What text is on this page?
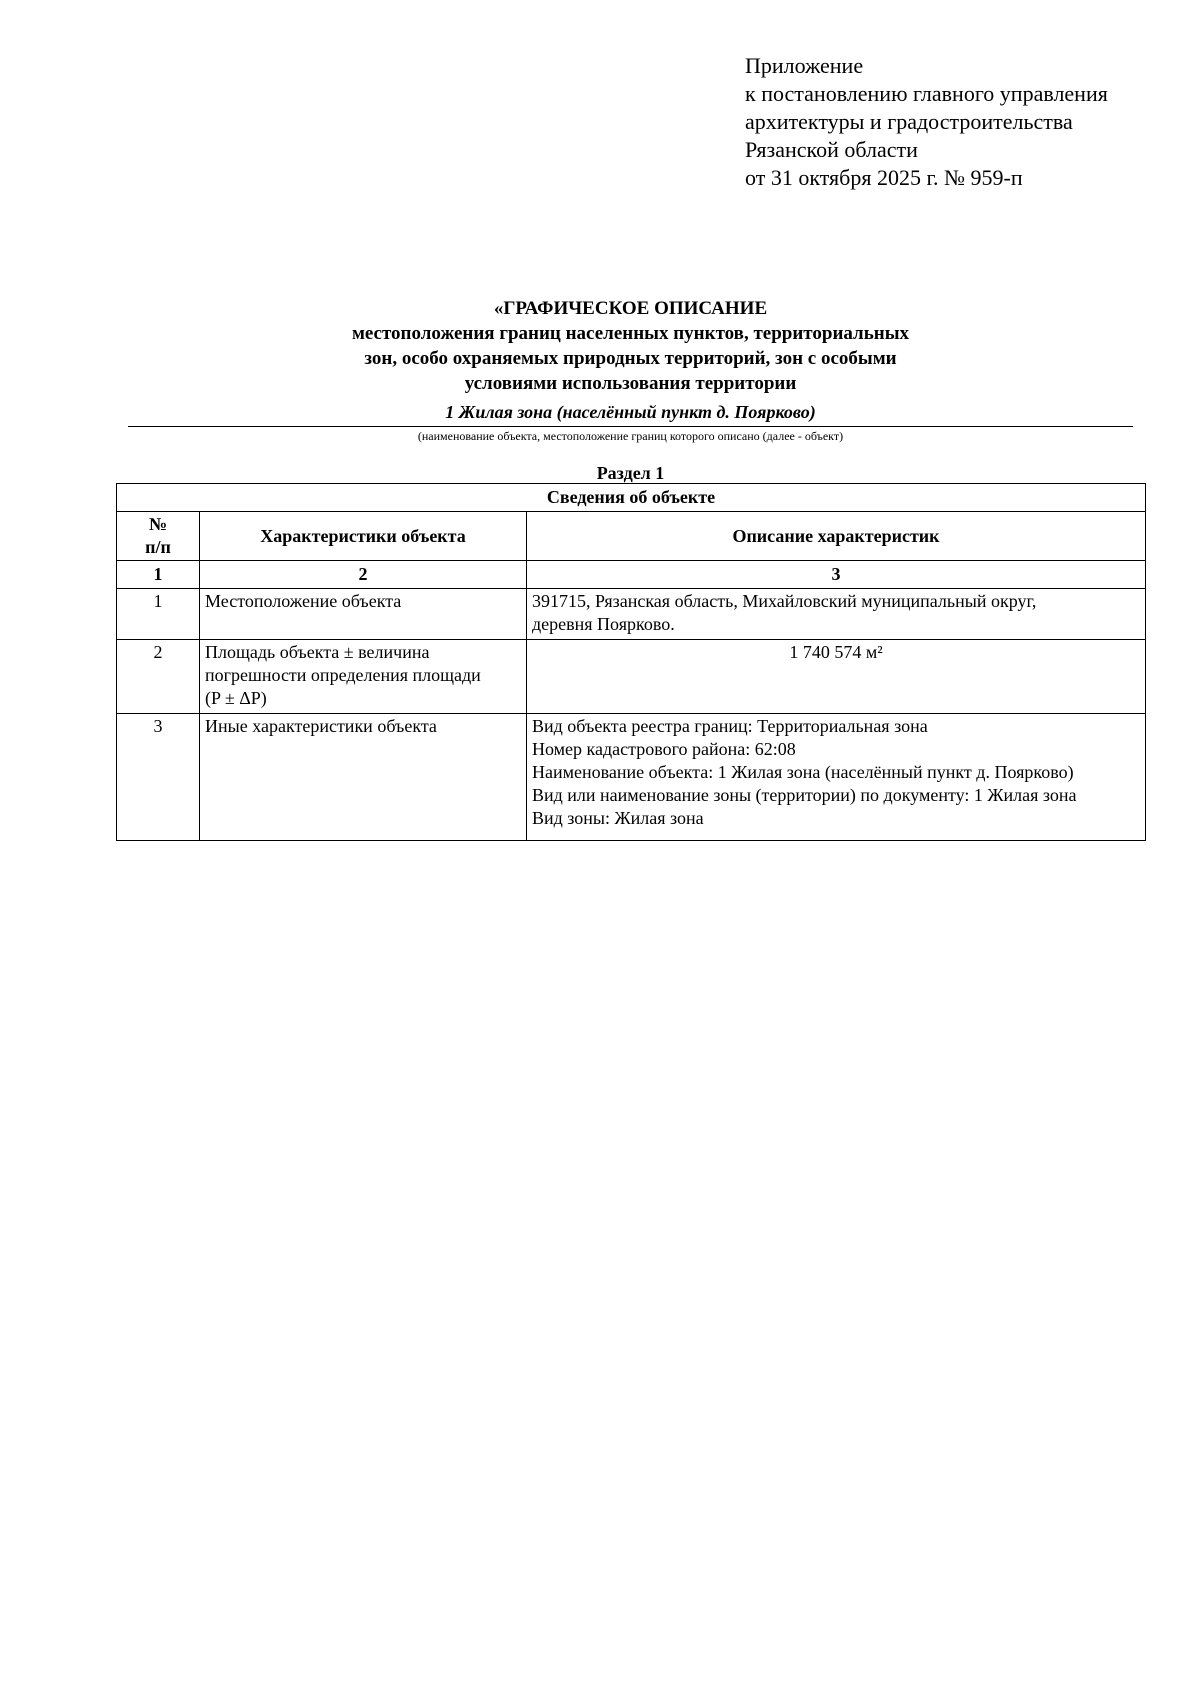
Приложение
к постановлению главного управления
архитектуры и градостроительства
Рязанской области
от 31 октября 2025 г. № 959-п
«ГРАФИЧЕСКОЕ ОПИСАНИЕ
местоположения границ населенных пунктов, территориальных
зон, особо охраняемых природных территорий, зон с особыми
условиями использования территории
1 Жилая зона (населённый пункт д. Поярково)
(наименование объекта, местоположение границ которого описано (далее - объект)
Раздел 1
Сведения об объекте		

№
п/п	Характеристики объекта	Описание характеристик
1	2	3
1	Местоположение объекта	391715, Рязанская область, Михайловский муниципальный округ,
деревня Поярково.

2	Площадь объекта ± величина
погрешности определения площади
(P ± ΔP)	1 740 574 м²
3	Иные характеристики объекта	Вид объекта реестра границ: Территориальная зона
Номер кадастрового района: 62:08
Наименование объекта: 1 Жилая зона (населённый пункт д. Поярково)
Вид или наименование зоны (территории) по документу: 1 Жилая зона
Вид зоны: Жилая зона
